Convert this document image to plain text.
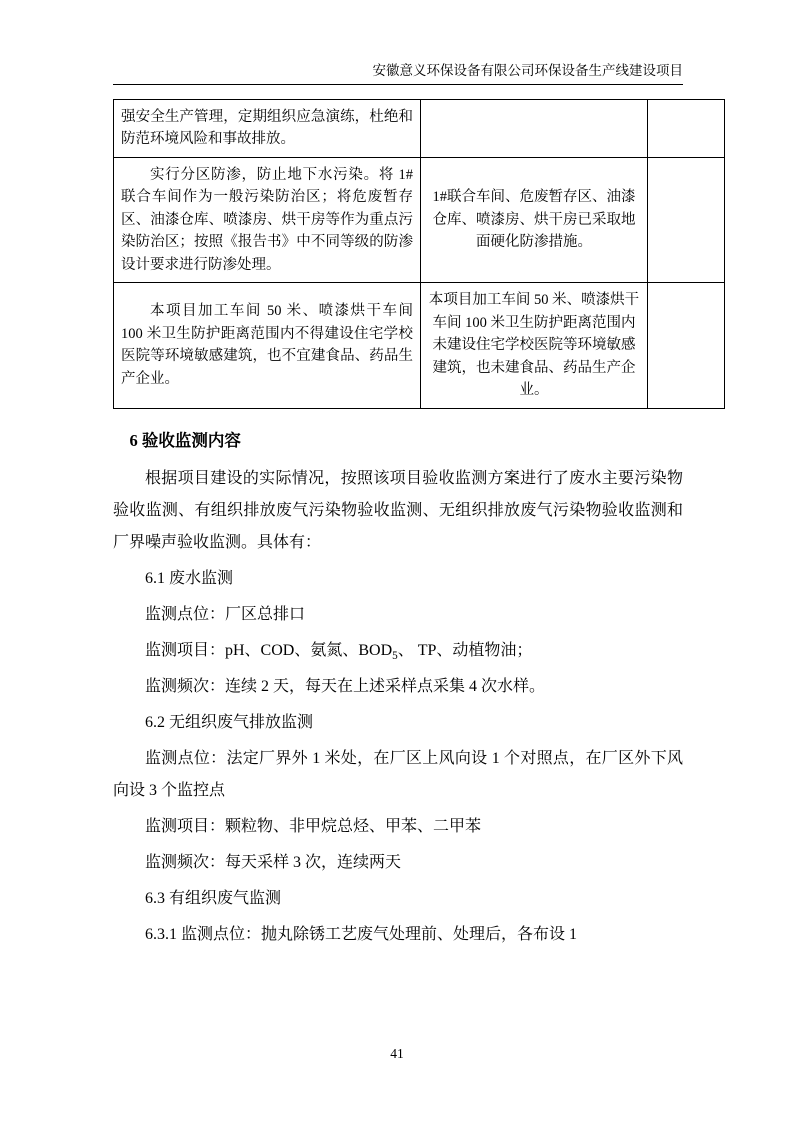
安徽意义环保设备有限公司环保设备生产线建设项目
强安全生产管理，定期组织应急演练，杜绝和防范环境风险和事故排放。		
实行分区防渗，防止地下水污染。将 1#联合车间作为一般污染防治区；将危废暂存区、油漆仓库、喷漆房、烘干房等作为重点污染防治区；按照《报告书》中不同等级的防渗设计要求进行防渗处理。	1#联合车间、危废暂存区、油漆仓库、喷漆房、烘干房已采取地面硬化防渗措施。	
本项目加工车间 50 米、喷漆烘干车间 100 米卫生防护距离范围内不得建设住宅学校医院等环境敏感建筑，也不宜建食品、药品生产企业。	本项目加工车间 50 米、喷漆烘干车间 100 米卫生防护距离范围内未建设住宅学校医院等环境敏感建筑，也未建食品、药品生产企业。	
6 验收监测内容

根据项目建设的实际情况，按照该项目验收监测方案进行了废水主要污染物验收监测、有组织排放废气污染物验收监测、无组织排放废气污染物验收监测和厂界噪声验收监测。具体有：

6.1 废水监测

监测点位：厂区总排口

监测项目：pH、COD、氨氮、$BOD_5$、 TP、动植物油；

监测频次：连续 2 天，每天在上述采样点采集 4 次水样。

6.2 无组织废气排放监测

监测点位：法定厂界外 1 米处，在厂区上风向设 1 个对照点，在厂区外下风向设 3 个监控点

监测项目：颗粒物、非甲烷总烃、甲苯、二甲苯

监测频次：每天采样 3 次，连续两天

6.3 有组织废气监测

6.3.1 监测点位：抛丸除锈工艺废气处理前、处理后，各布设 1

41
